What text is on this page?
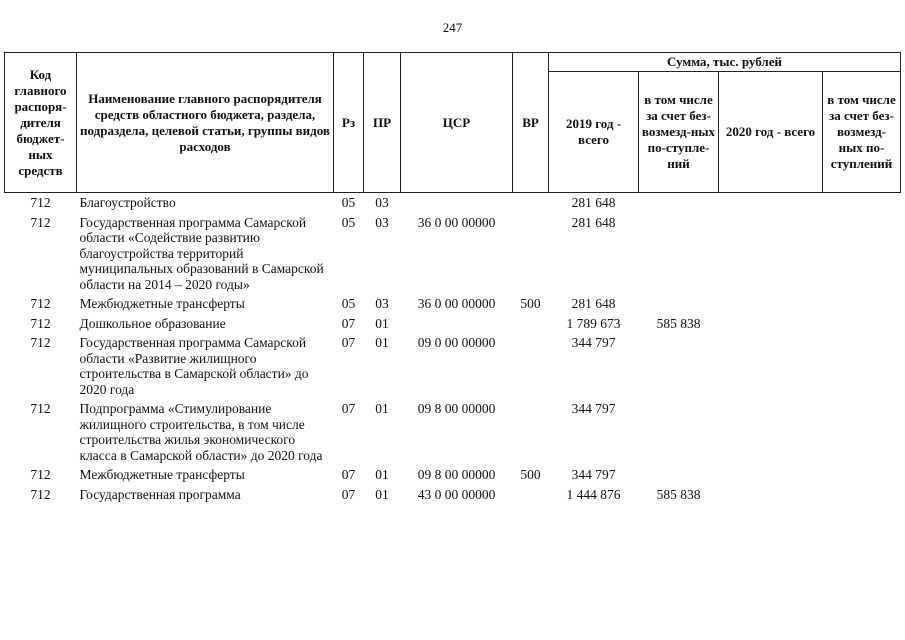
247
Код главного распоря-дителя бюджет-ных средств	Наименование главного распорядителя средств областного бюджета, раздела, подраздела, целевой статьи, группы видов расходов	Рз	ПР	ЦСР	ВР	Сумма, тыс. рублей			
						2019 год - всего	в том числе за счет без-возмезд-ных по-ступле-ний	2020 год - всего	в том числе за счет без-возмезд-ных по-ступлений
712	Благоустройство	05	03			281 648			
712	Государственная программа Самарской области «Содействие развитию благоустройства территорий муниципальных образований в Самарской области на 2014 – 2020 годы»	05	03	36 0 00 00000		281 648			
712	Межбюджетные трансферты	05	03	36 0 00 00000	500	281 648			
712	Дошкольное образование	07	01			1 789 673	585 838		
712	Государственная программа Самарской области «Развитие жилищного строительства в Самарской области» до 2020 года	07	01	09 0 00 00000		344 797			
712	Подпрограмма «Стимулирование жилищного строительства, в том числе строительства жилья экономического класса в Самарской области» до 2020 года	07	01	09 8 00 00000		344 797			
712	Межбюджетные трансферты	07	01	09 8 00 00000	500	344 797			
712	Государственная программа	07	01	43 0 00 00000		1 444 876	585 838		
